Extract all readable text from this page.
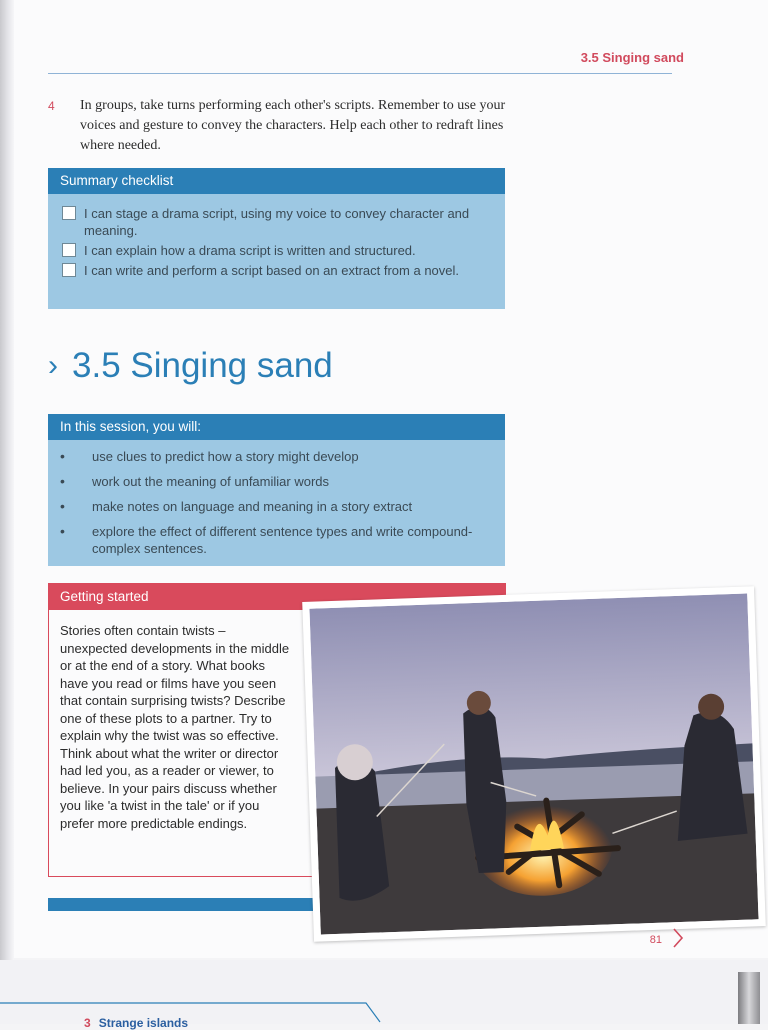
3.5 Singing sand
4 In groups, take turns performing each other's scripts. Remember to use your voices and gesture to convey the characters. Help each other to redraft lines where needed.
Summary checklist
I can stage a drama script, using my voice to convey character and meaning.
I can explain how a drama script is written and structured.
I can write and perform a script based on an extract from a novel.
› 3.5 Singing sand
In this session, you will:
• use clues to predict how a story might develop
• work out the meaning of unfamiliar words
• make notes on language and meaning in a story extract
• explore the effect of different sentence types and write compound-complex sentences.
Getting started
Stories often contain twists – unexpected developments in the middle or at the end of a story. What books have you read or films have you seen that contain surprising twists? Describe one of these plots to a partner. Try to explain why the twist was so effective. Think about what the writer or director had led you, as a reader or viewer, to believe. In your pairs discuss whether you like 'a twist in the tale' or if you prefer more predictable endings.
81
3 Strange islands
